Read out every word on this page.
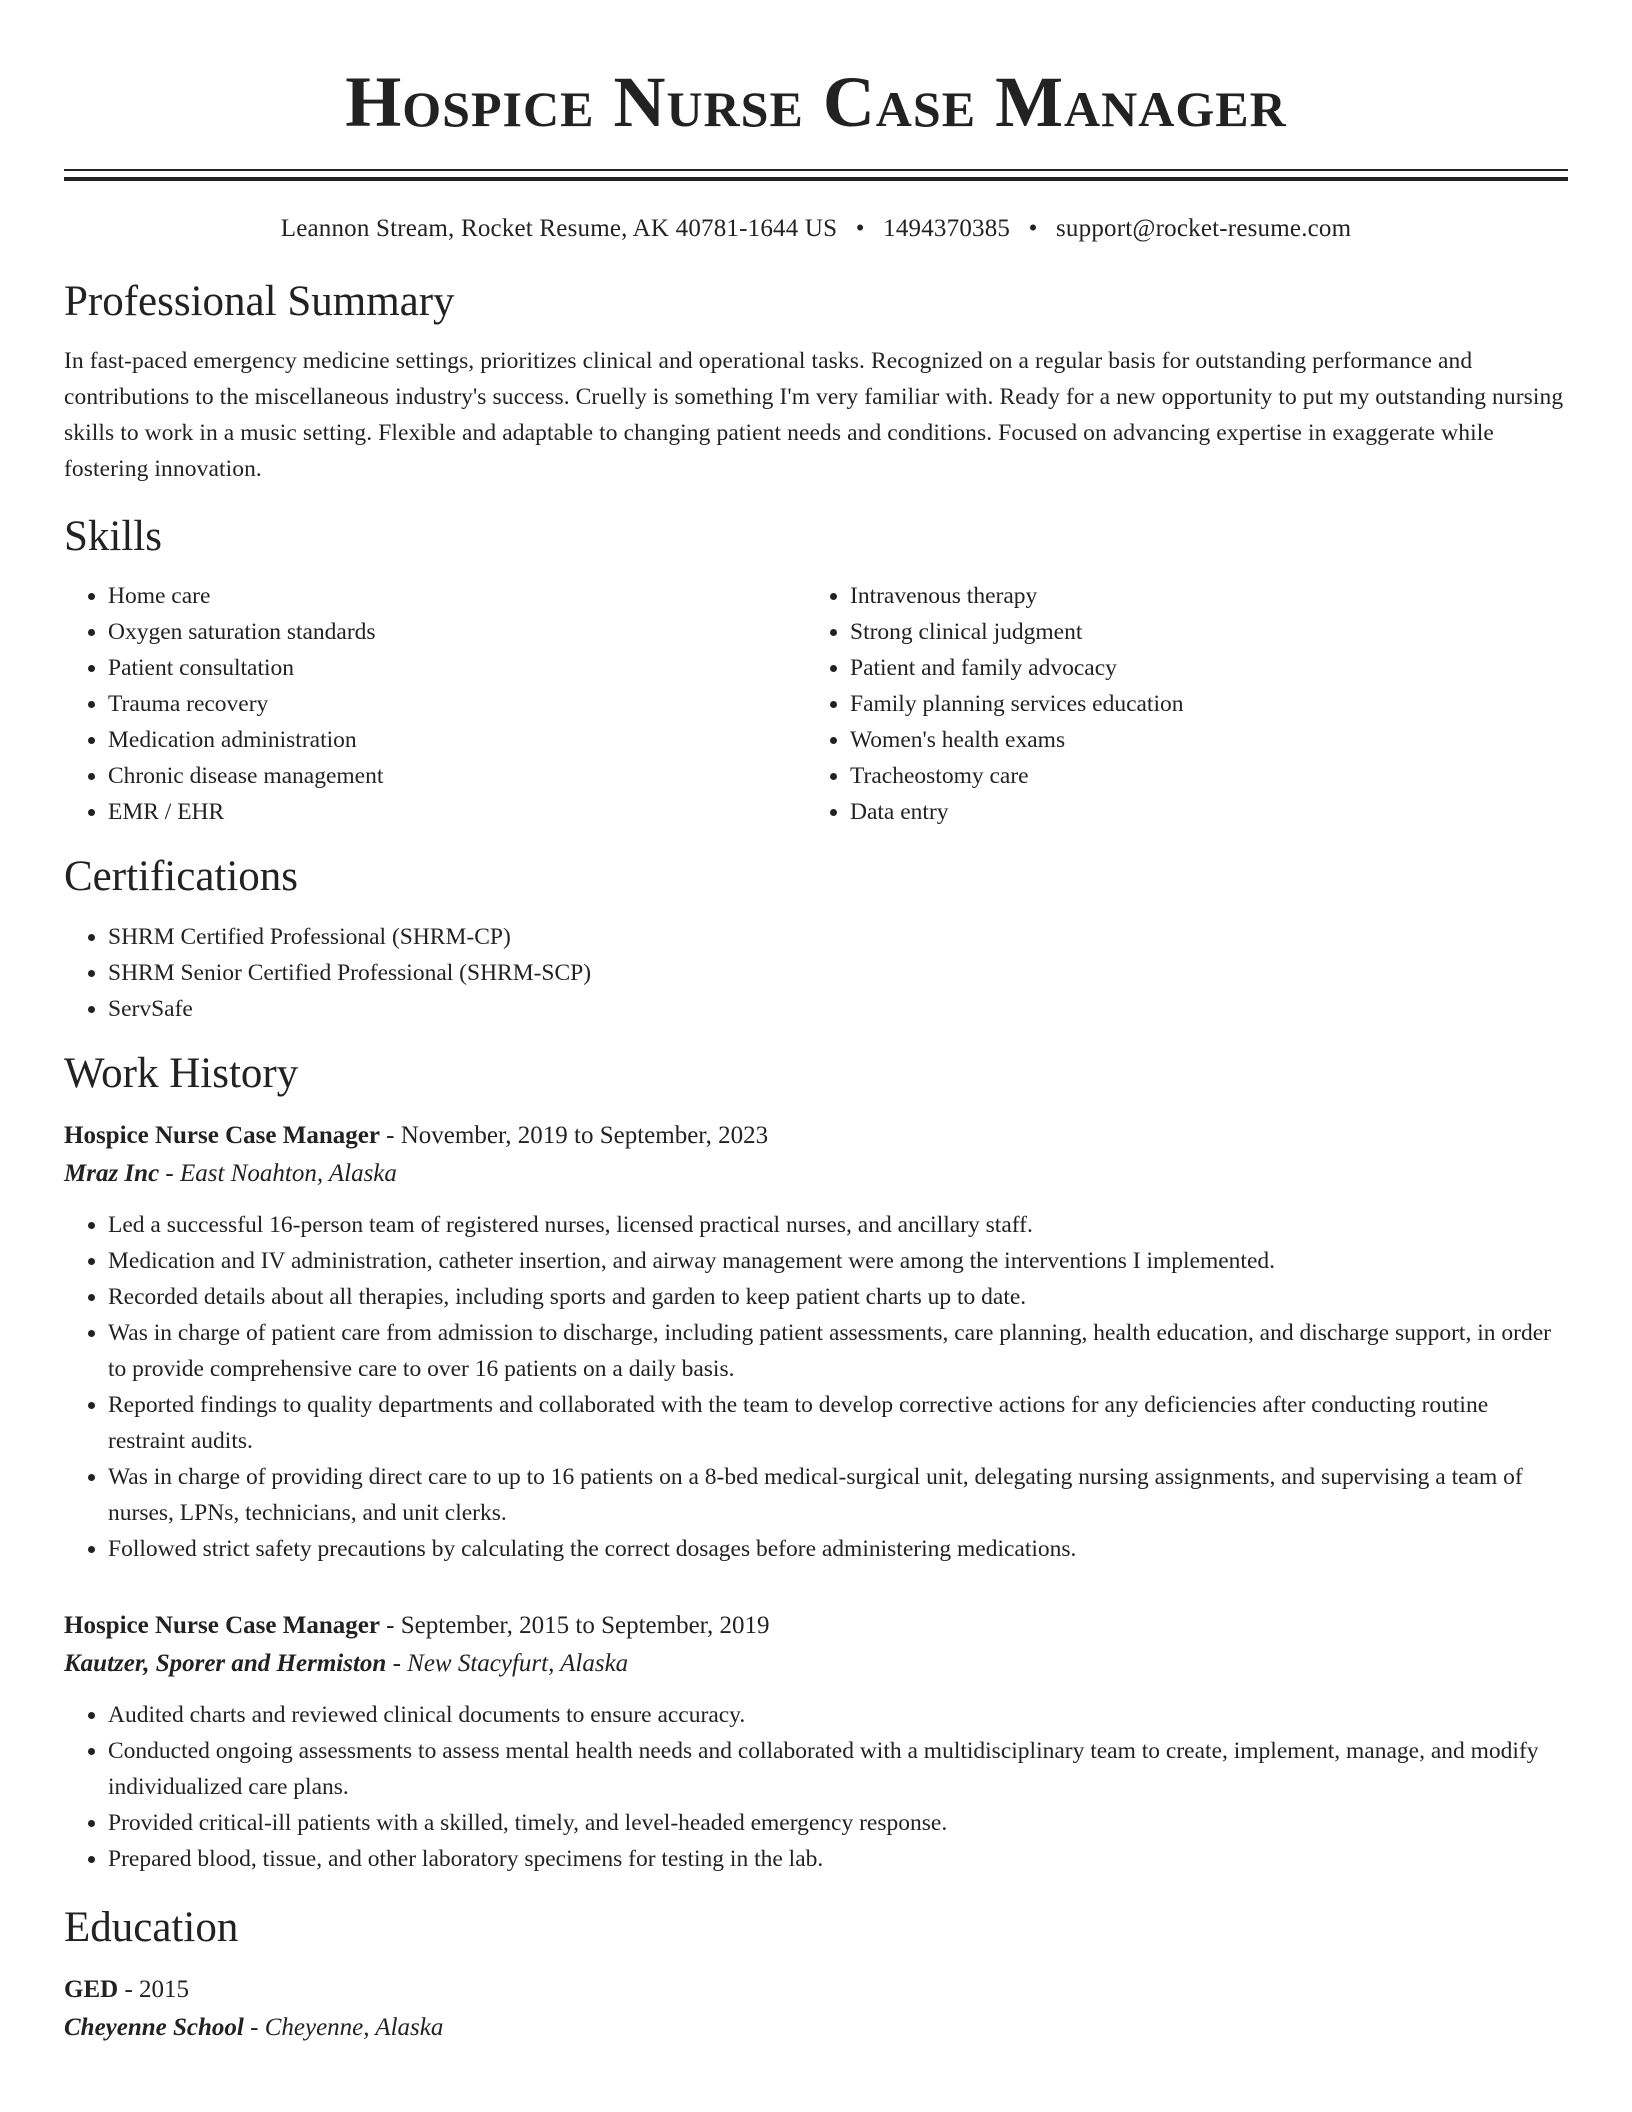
Hospice Nurse Case Manager
Leannon Stream, Rocket Resume, AK 40781-1644 US • 1494370385 • support@rocket-resume.com
Professional Summary

In fast-paced emergency medicine settings, prioritizes clinical and operational tasks. Recognized on a regular basis for outstanding performance and contributions to the miscellaneous industry's success. Cruelly is something I'm very familiar with. Ready for a new opportunity to put my outstanding nursing skills to work in a music setting. Flexible and adaptable to changing patient needs and conditions. Focused on advancing expertise in exaggerate while fostering innovation.

Skills
• Home care
• Oxygen saturation standards
• Patient consultation
• Trauma recovery
• Medication administration
• Chronic disease management
• EMR / EHR
• Intravenous therapy
• Strong clinical judgment
• Patient and family advocacy
• Family planning services education
• Women's health exams
• Tracheostomy care
• Data entry
Certifications
• SHRM Certified Professional (SHRM-CP)
• SHRM Senior Certified Professional (SHRM-SCP)
• ServSafe
Work History
Hospice Nurse Case Manager - November, 2019 to September, 2023
Mraz Inc - East Noahton, Alaska
• Led a successful 16-person team of registered nurses, licensed practical nurses, and ancillary staff.
• Medication and IV administration, catheter insertion, and airway management were among the interventions I implemented.
• Recorded details about all therapies, including sports and garden to keep patient charts up to date.
• Was in charge of patient care from admission to discharge, including patient assessments, care planning, health education, and discharge support, in order to provide comprehensive care to over 16 patients on a daily basis.
• Reported findings to quality departments and collaborated with the team to develop corrective actions for any deficiencies after conducting routine restraint audits.
• Was in charge of providing direct care to up to 16 patients on a 8-bed medical-surgical unit, delegating nursing assignments, and supervising a team of nurses, LPNs, technicians, and unit clerks.
• Followed strict safety precautions by calculating the correct dosages before administering medications.
Hospice Nurse Case Manager - September, 2015 to September, 2019
Kautzer, Sporer and Hermiston - New Stacyfurt, Alaska
• Audited charts and reviewed clinical documents to ensure accuracy.
• Conducted ongoing assessments to assess mental health needs and collaborated with a multidisciplinary team to create, implement, manage, and modify individualized care plans.
• Provided critical-ill patients with a skilled, timely, and level-headed emergency response.
• Prepared blood, tissue, and other laboratory specimens for testing in the lab.
Education
GED - 2015
Cheyenne School - Cheyenne, Alaska
